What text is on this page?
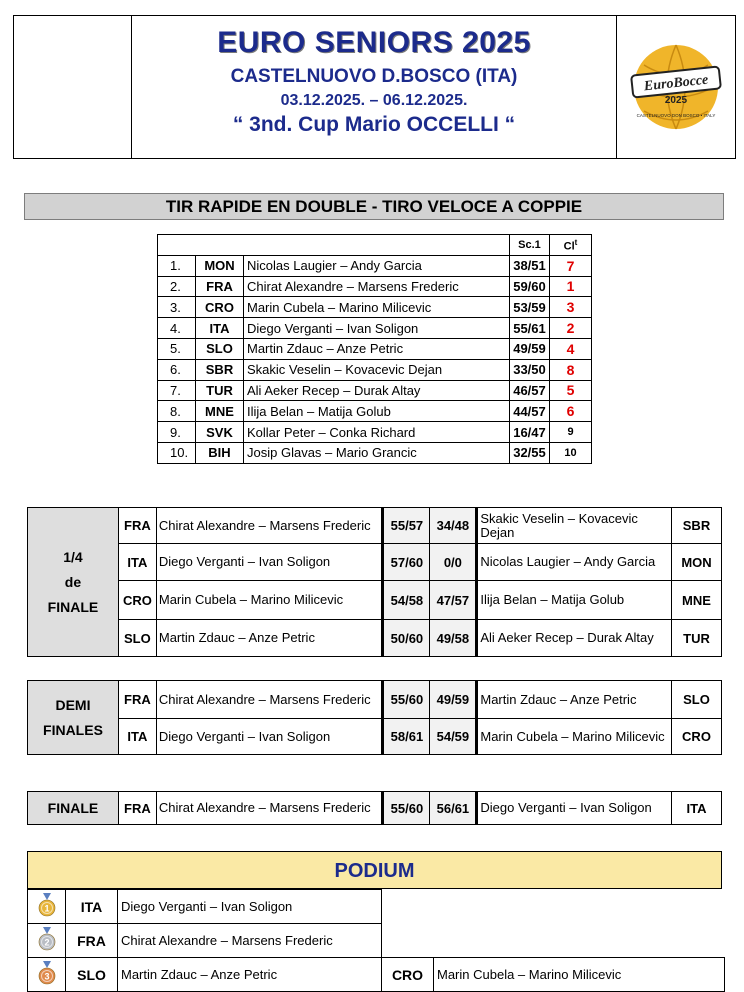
EURO SENIORS 2025
CASTELNUOVO D.BOSCO (ITA)
03.12.2025. – 06.12.2025.
“ 3nd. Cup Mario OCCELLI “
EuroBocce
2025
CASTELNUOVO DON BOSCO • ITALY
TIR RAPIDE EN DOUBLE - TIRO VELOCE A COPPIE
			Sc.1	Cl$^t$
1.	MON	Nicolas Laugier – Andy Garcia	38/51	7
2.	FRA	Chirat Alexandre – Marsens Frederic	59/60	1
3.	CRO	Marin Cubela – Marino Milicevic	53/59	3
4.	ITA	Diego Verganti – Ivan Soligon	55/61	2
5.	SLO	Martin Zdauc – Anze Petric	49/59	4
6.	SBR	Skakic Veselin – Kovacevic Dejan	33/50	8
7.	TUR	Ali Aeker Recep – Durak Altay	46/57	5
8.	MNE	Ilija Belan – Matija Golub	44/57	6
9.	SVK	Kollar Peter – Conka Richard	16/47	9
10.	BIH	Josip Glavas – Mario Grancic	32/55	10
1/4
de
FINALE	FRA	Chirat Alexandre – Marsens Frederic	55/57	34/48	Skakic Veselin – Kovacevic Dejan	SBR
	ITA	Diego Verganti – Ivan Soligon	57/60	0/0	Nicolas Laugier – Andy Garcia	MON
	CRO	Marin Cubela – Marino Milicevic	54/58	47/57	Ilija Belan – Matija Golub	MNE
	SLO	Martin Zdauc – Anze Petric	50/60	49/58	Ali Aeker Recep – Durak Altay	TUR
DEMI
FINALES	FRA	Chirat Alexandre – Marsens Frederic	55/60	49/59	Martin Zdauc – Anze Petric	SLO
	ITA	Diego Verganti – Ivan Soligon	58/61	54/59	Marin Cubela – Marino Milicevic	CRO
FINALE	FRA	Chirat Alexandre – Marsens Frederic	55/60	56/61	Diego Verganti – Ivan Soligon	ITA
PODIUM
1	ITA	Diego Verganti – Ivan Soligon		

2	FRA	Chirat Alexandre – Marsens Frederic		

3	SLO	Martin Zdauc – Anze Petric	CRO	Marin Cubela – Marino Milicevic
